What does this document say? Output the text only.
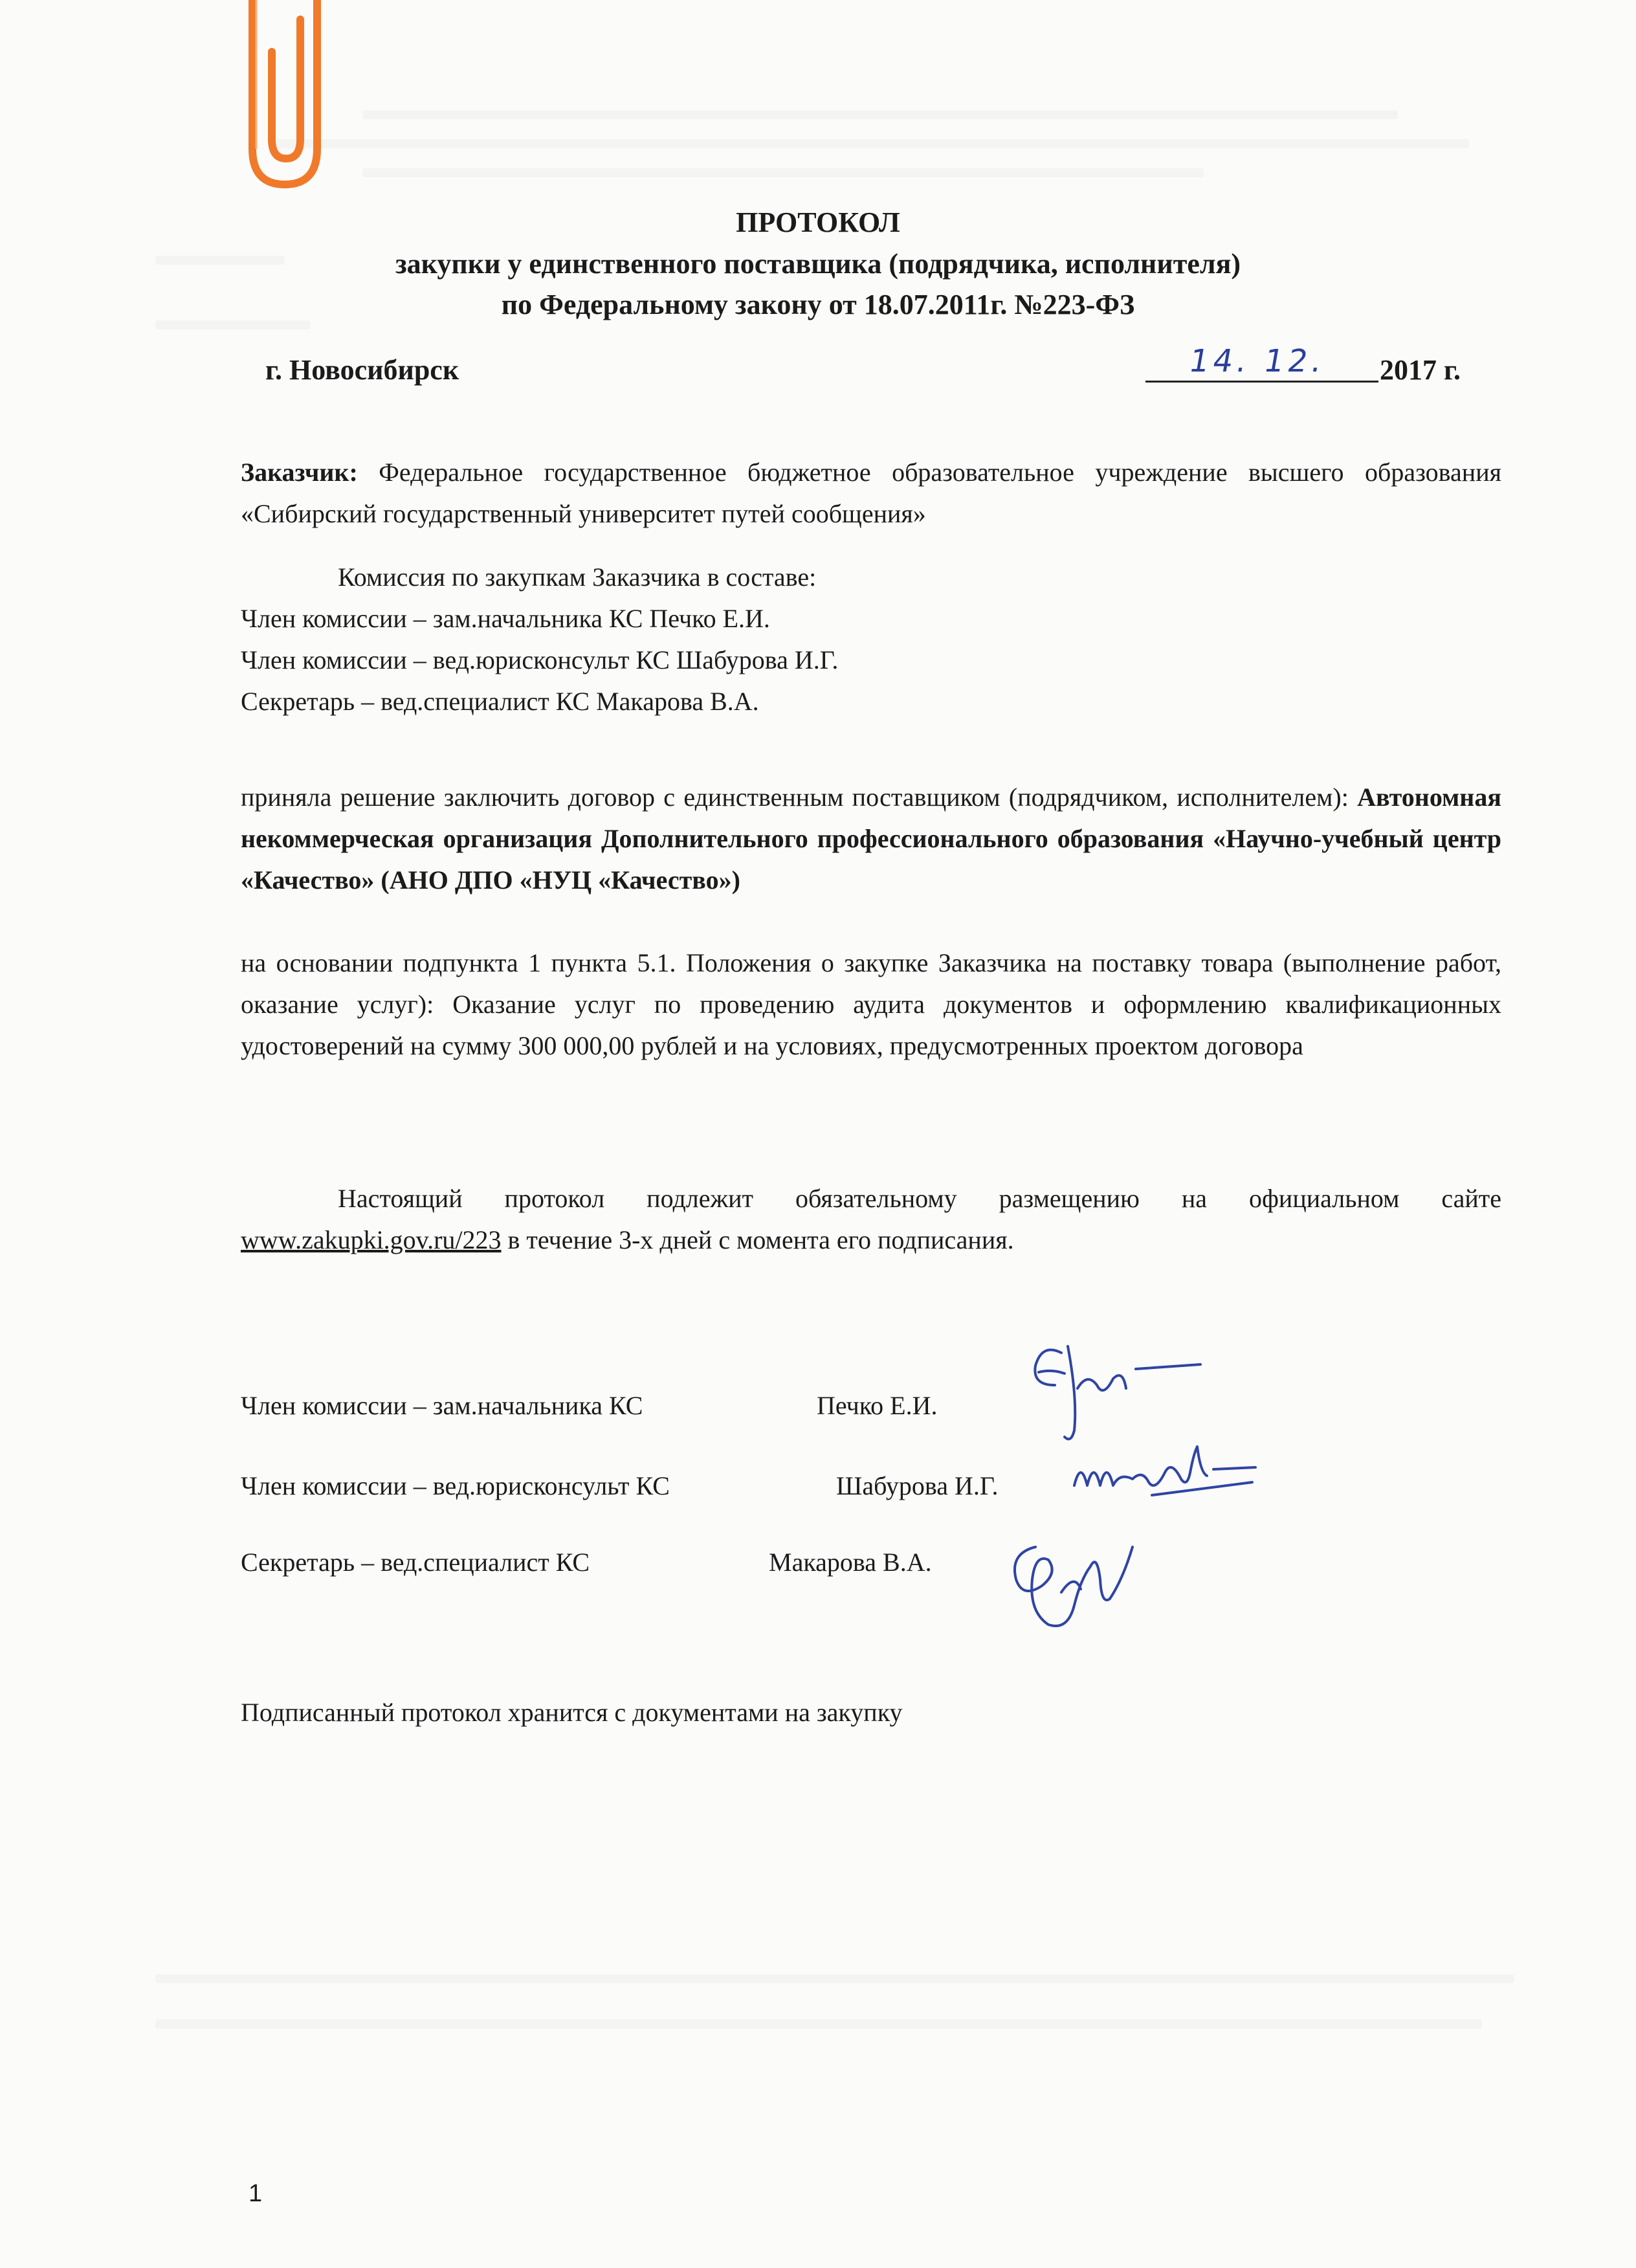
ПРОТОКОЛ
закупки у единственного поставщика (подрядчика, исполнителя)
по Федеральному закону от 18.07.2011г. №223-ФЗ
г. Новосибирск	14. 12. 2017 г.
Заказчик: Федеральное государственное бюджетное образовательное учреждение высшего образования «Сибирский государственный университет путей сообщения»
Комиссия по закупкам Заказчика в составе:
Член комиссии – зам.начальника КС Печко Е.И.
Член комиссии – вед.юрисконсульт КС Шабурова И.Г.
Секретарь – вед.специалист КС Макарова В.А.
приняла решение заключить договор с единственным поставщиком (подрядчиком, исполнителем): Автономная некоммерческая организация Дополнительного профессионального образования «Научно-учебный центр «Качество» (АНО ДПО «НУЦ «Качество»)
на основании подпункта 1 пункта 5.1. Положения о закупке Заказчика на поставку товара (выполнение работ, оказание услуг): Оказание услуг по проведению аудита документов и оформлению квалификационных удостоверений на сумму 300 000,00 рублей и на условиях, предусмотренных проектом договора
Настоящий протокол подлежит обязательному размещению на официальном сайте www.zakupki.gov.ru/223 в течение 3-х дней с момента его подписания.
Член комиссии – зам.начальника КС	Печко Е.И.
Член комиссии – вед.юрисконсульт КС	Шабурова И.Г.
Секретарь – вед.специалист КС	Макарова В.А.
Подписанный протокол хранится с документами на закупку
1
